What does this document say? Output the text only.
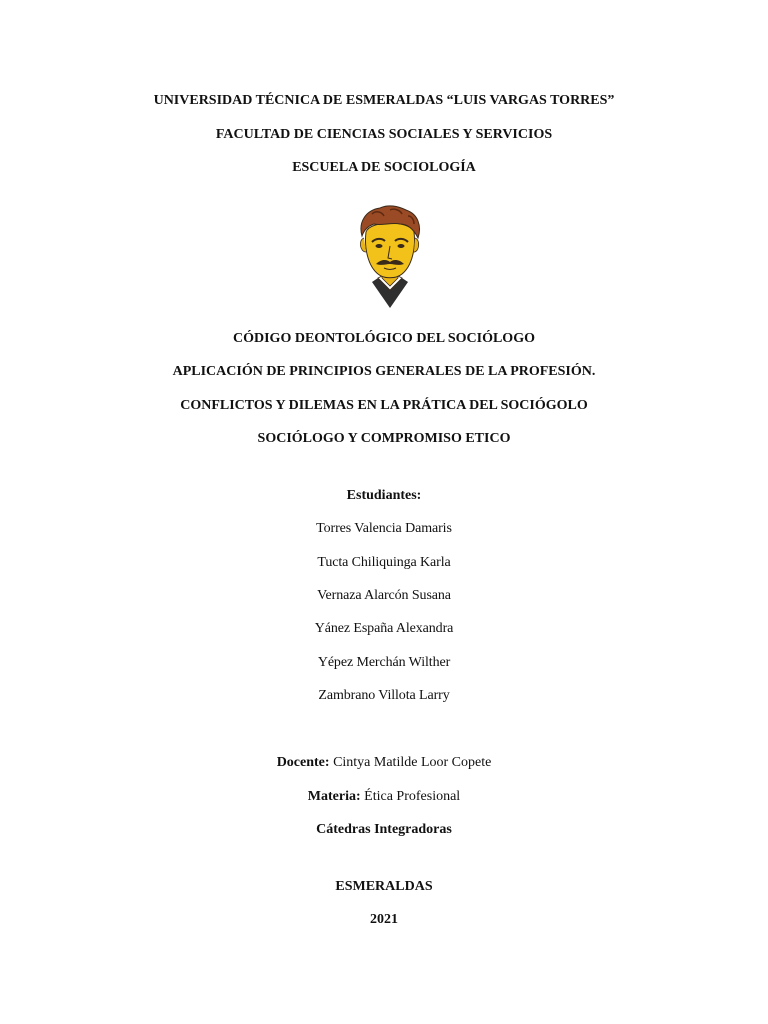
UNIVERSIDAD TÉCNICA DE ESMERALDAS “LUIS VARGAS TORRES”
FACULTAD DE CIENCIAS SOCIALES Y SERVICIOS
ESCUELA DE SOCIOLOGÍA
CÓDIGO DEONTOLÓGICO DEL SOCIÓLOGO
APLICACIÓN DE PRINCIPIOS GENERALES DE LA PROFESIÓN.
CONFLICTOS Y DILEMAS EN LA PRÁTICA DEL SOCIÓGOLO
SOCIÓLOGO Y COMPROMISO ETICO
Estudiantes:
Torres Valencia Damaris
Tucta Chiliquinga Karla
Vernaza Alarcón Susana
Yánez España Alexandra
Yépez Merchán Wilther
Zambrano Villota Larry
Docente: Cintya Matilde Loor Copete
Materia: Ética Profesional
Cátedras Integradoras
ESMERALDAS
2021
